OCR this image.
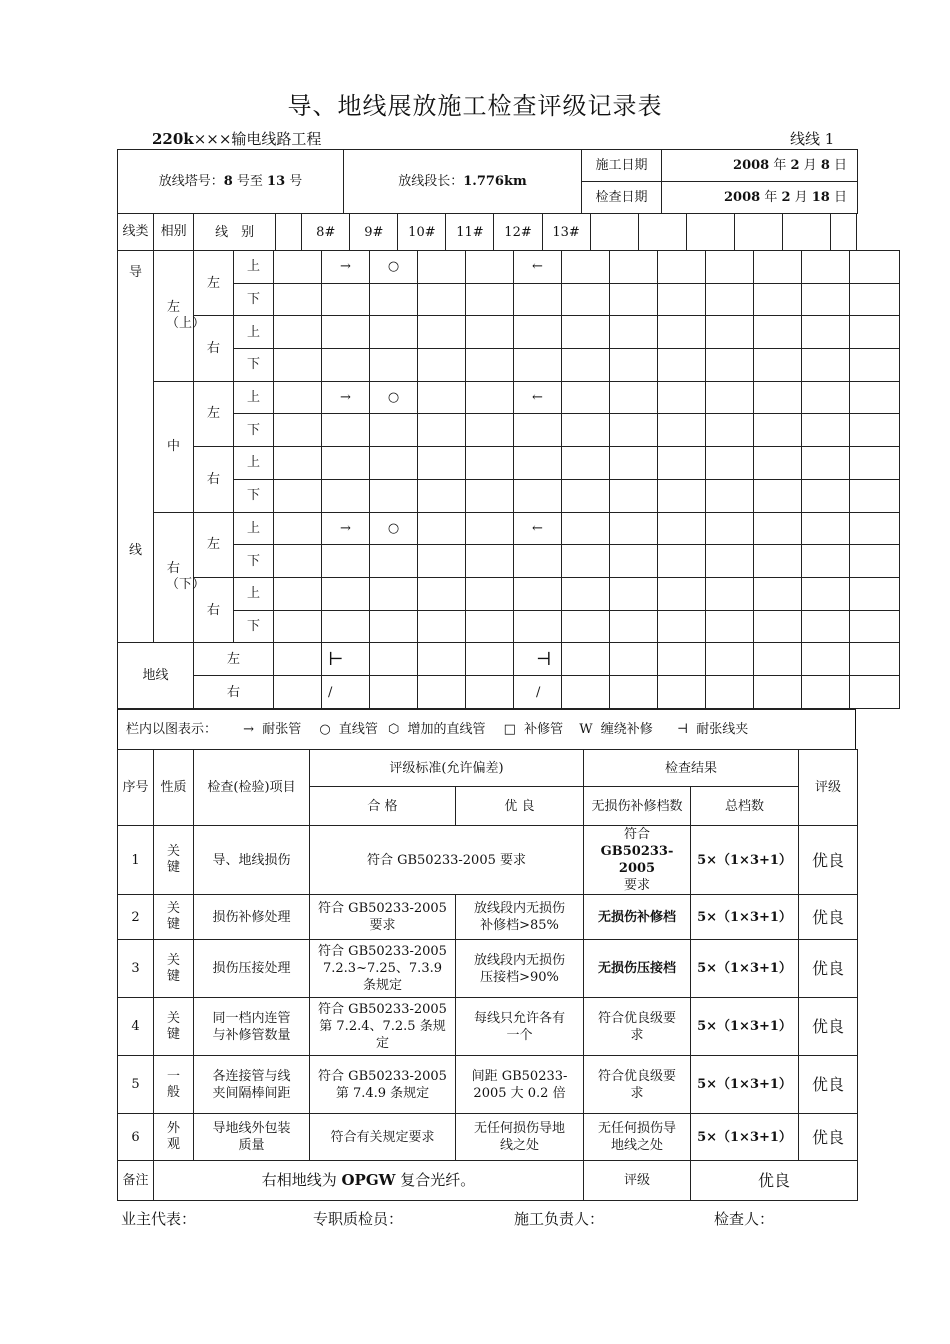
导、地线展放施工检查评级记录表
220k×××输电线路工程	线线 1
放线塔号：8 号至 13 号	放线段长：1.776km	施工日期	2008 年 2 月 8 日
		检查日期	2008 年 2 月 18 日
线类	相别	线　别		8#	9#	10#	11#	12#	13#						
导

线	左（上）	左	上		→	○			←							
			下													
		右	上													
			下													
	中	左	上		→	○			←							
			下													
		右	上													
			下													
	右（下）	左	上		→	○			←							
			下													
		右	上													
			下													
地线		左			⊢				⊣							
		右			/				/							
栏内以图表示： → 耐张管 ○ 直线管 ⬡ 增加的直线管 □ 补修管 W 缠绕补修 ⊣ 耐张线夹
序号	性质	检查(检验)项目	评级标准(允许偏差)		检查结果		评级
			合 格	优 良	无损伤补修档数	总档数	
1	关键	导、地线损伤	符合 GB50233-2005 要求		符合
GB50233-2005
要求	5×（1×3+1）	优良
2	关键	损伤补修处理	符合 GB50233-2005 要求	放线段内无损伤补修档>85%	无损伤补修档	5×（1×3+1）	优良
3	关键	损伤压接处理	符合 GB50233-2005 7.2.3~7.25、7.3.9 条规定	放线段内无损伤压接档>90%	无损伤压接档	5×（1×3+1）	优良
4	关键	同一档内连管与补修管数量	符合 GB50233-2005 第 7.2.4、7.2.5 条规定	每线只允许各有一个	符合优良级要求	5×（1×3+1）	优良
5	一般	各连接管与线夹间隔棒间距	符合 GB50233-2005 第 7.4.9 条规定	间距 GB50233-2005 大 0.2 倍	符合优良级要求	5×（1×3+1）	优良
6	外观	导地线外包装质量	符合有关规定要求	无任何损伤导地线之处	无任何损伤导地线之处	5×（1×3+1）	优良
备注	右相地线为 OPGW 复合光纤。				评级	优良	
业主代表：	专职质检员：	施工负责人：	检查人：
